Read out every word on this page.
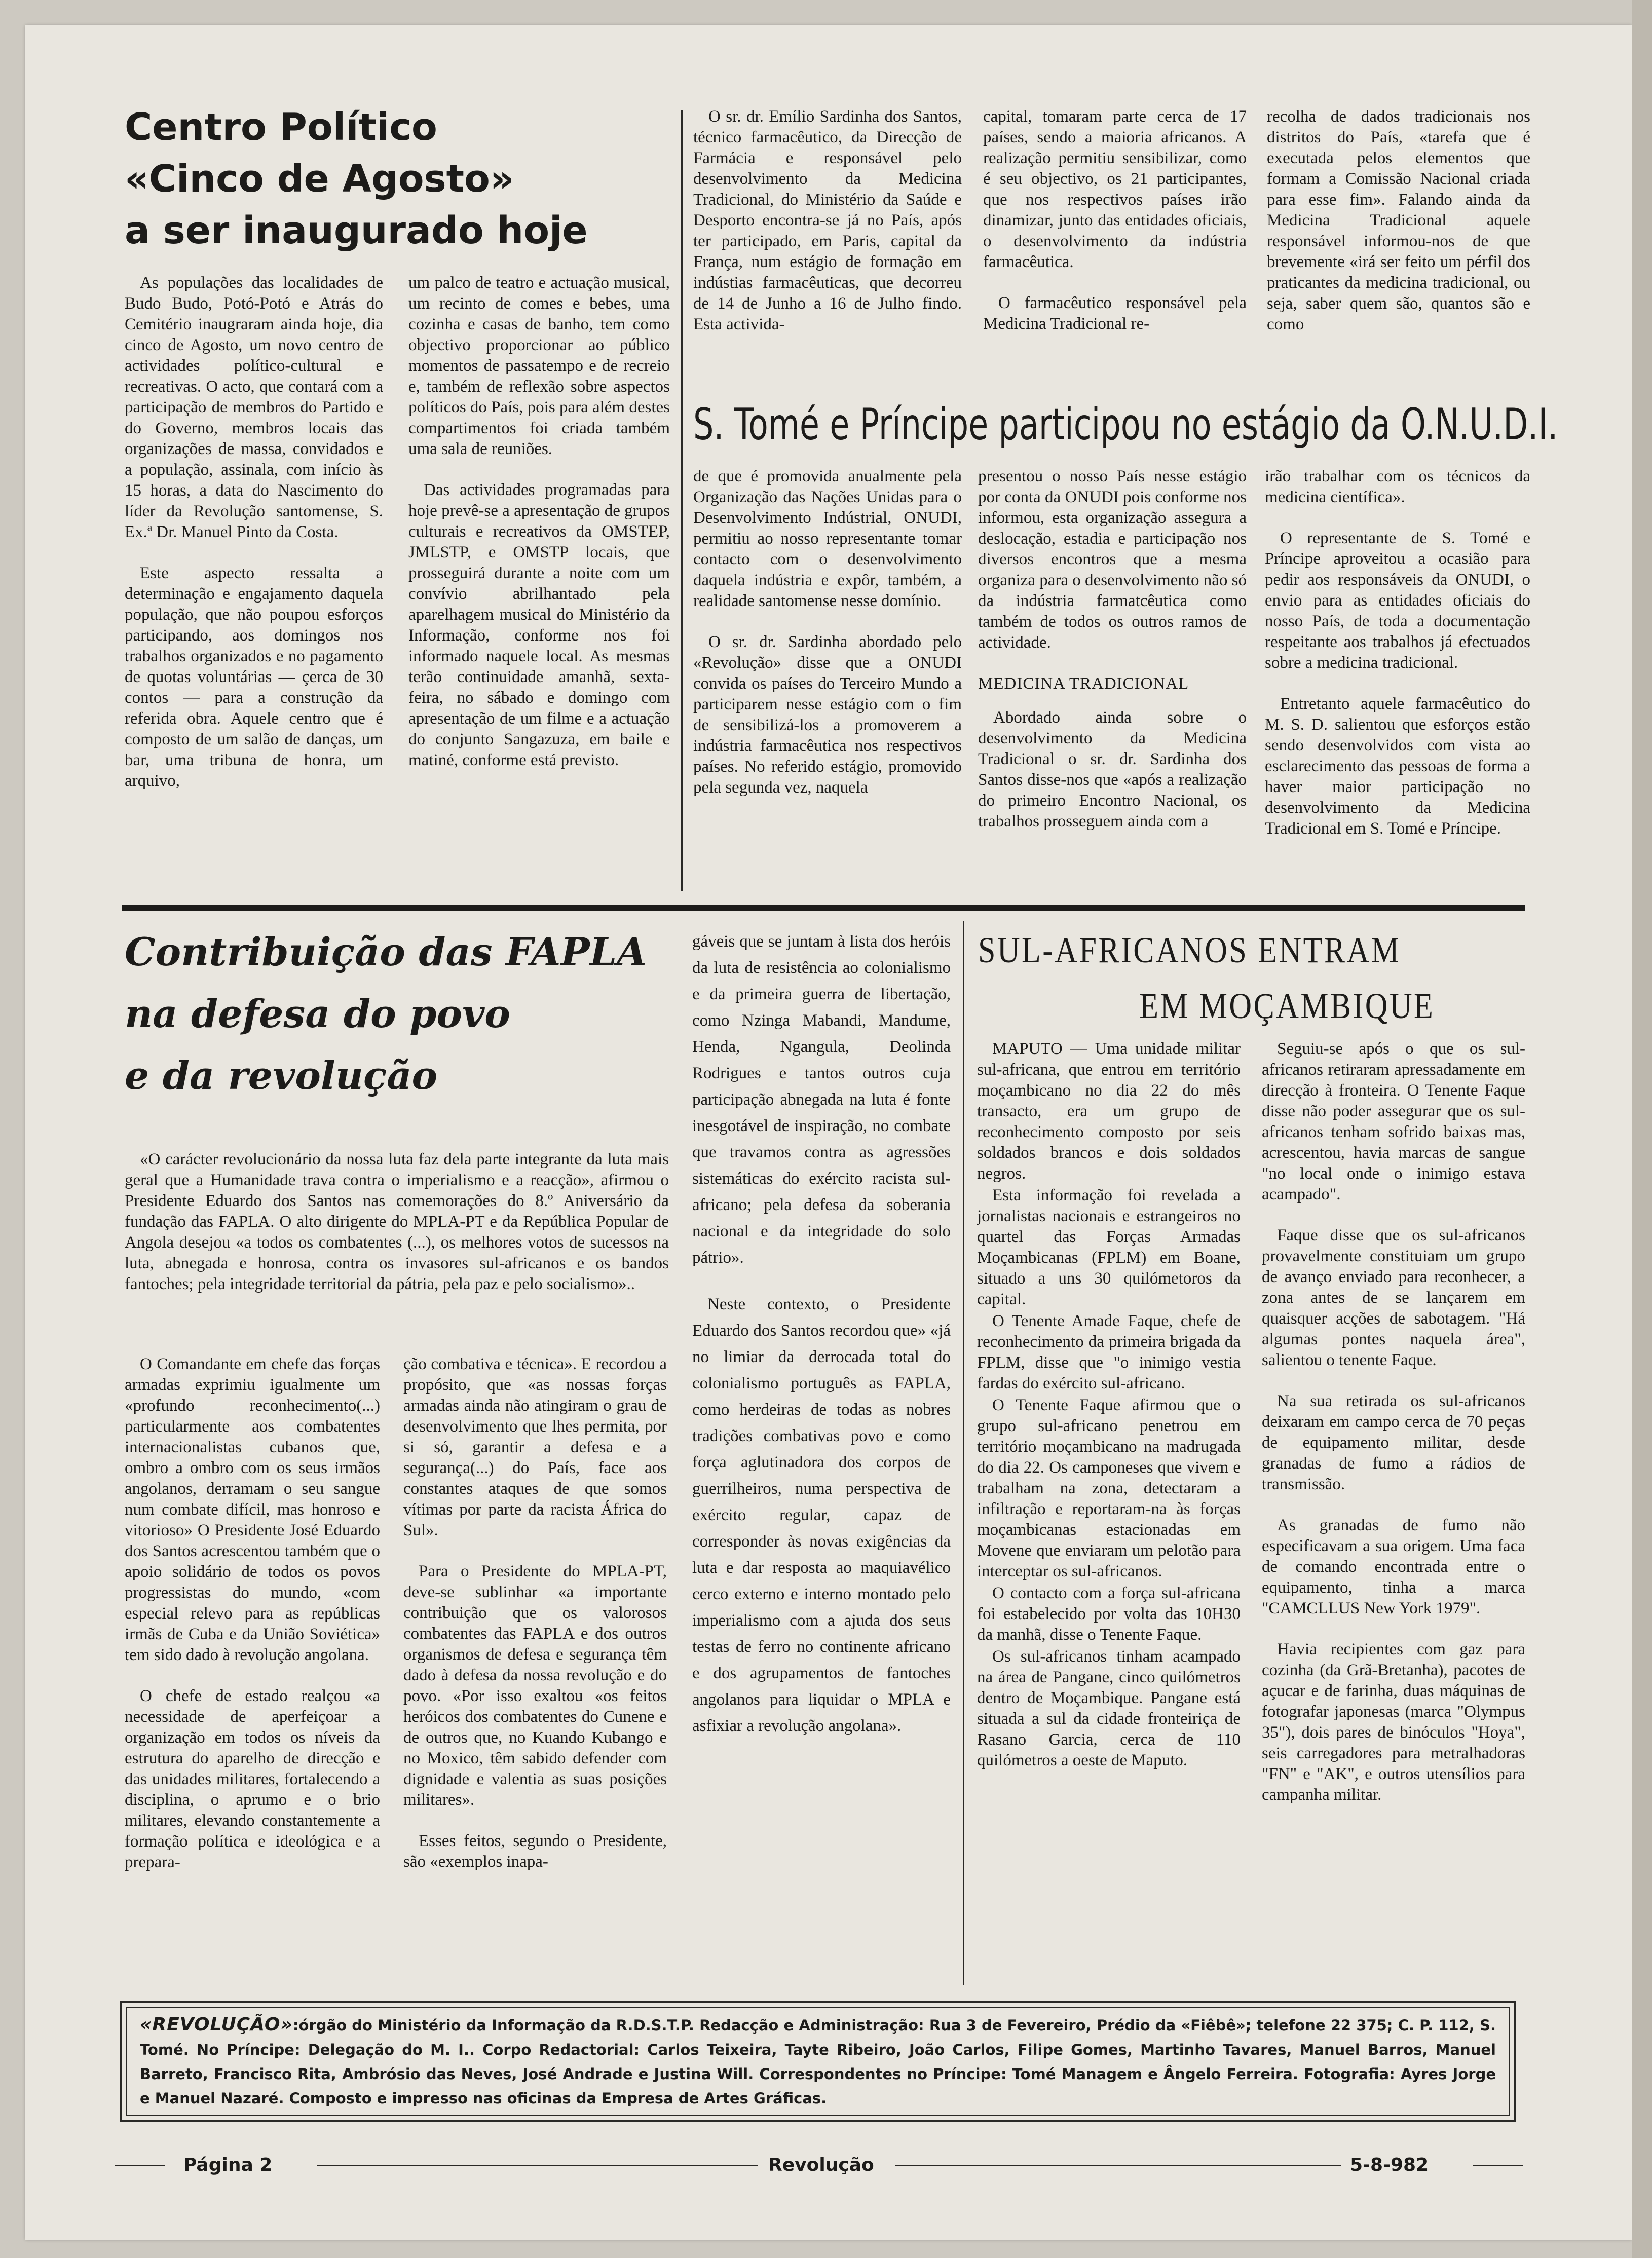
Centro Político
«Cinco de Agosto»
a ser inaugurado hoje

As populações das localidades de Budo Budo, Potó-Potó e Atrás do Cemitério inaugraram ainda hoje, dia cinco de Agosto, um novo centro de actividades político-cultural e recreativas. O acto, que contará com a participação de membros do Partido e do Governo, membros locais das organizações de massa, convidados e a população, assinala, com início às 15 horas, a data do Nascimento do líder da Revolução santomense, S. Ex.ª Dr. Manuel Pinto da Costa.

Este aspecto ressalta a determinação e engajamento daquela população, que não poupou esforços participando, aos domingos nos trabalhos organizados e no pagamento de quotas voluntárias — çerca de 30 contos — para a construção da referida obra. Aquele centro que é composto de um salão de danças, um bar, uma tribuna de honra, um arquivo,

um palco de teatro e actuação musical, um recinto de comes e bebes, uma cozinha e casas de banho, tem como objectivo proporcionar ao público momentos de passatempo e de recreio e, também de reflexão sobre aspectos políticos do País, pois para além destes compartimentos foi criada também uma sala de reuniões.

Das actividades programadas para hoje prevê-se a apresentação de grupos culturais e recreativos da OMSTEP, JMLSTP, e OMSTP locais, que prosseguirá durante a noite com um convívio abrilhantado pela aparelhagem musical do Ministério da Informação, conforme nos foi informado naquele local. As mesmas terão continuidade amanhã, sexta-feira, no sábado e domingo com apresentação de um filme e a actuação do conjunto Sangazuza, em baile e matiné, conforme está previsto.

O sr. dr. Emílio Sardinha dos Santos, técnico farmacêutico, da Direcção de Farmácia e responsável pelo desenvolvimento da Medicina Tradicional, do Ministério da Saúde e Desporto encontra-se já no País, após ter participado, em Paris, capital da França, num estágio de formação em indústias farmacêuticas, que decorreu de 14 de Junho a 16 de Julho findo. Esta activida-

capital, tomaram parte cerca de 17 países, sendo a maioria africanos. A realização permitiu sensibilizar, como é seu objectivo, os 21 participantes, que nos respectivos países irão dinamizar, junto das entidades oficiais, o desenvolvimento da indústria farmacêutica.

O farmacêutico responsável pela Medicina Tradicional re-

recolha de dados tradicionais nos distritos do País, «tarefa que é executada pelos elementos que formam a Comissão Nacional criada para esse fim». Falando ainda da Medicina Tradicional aquele responsável informou-nos de que brevemente «irá ser feito um pérfil dos praticantes da medicina tradicional, ou seja, saber quem são, quantos são e como

S. Tomé e Príncipe participou no estágio da O.N.U.D.I.

de que é promovida anualmente pela Organização das Nações Unidas para o Desenvolvimento Indústrial, ONUDI, permitiu ao nosso representante tomar contacto com o desenvolvimento daquela indústria e expôr, também, a realidade santomense nesse domínio.

O sr. dr. Sardinha abordado pelo «Revolução» disse que a ONUDI convida os países do Terceiro Mundo a participarem nesse estágio com o fim de sensibilizá-los a promoverem a indústria farmacêutica nos respectivos países. No referido estágio, promovido pela segunda vez, naquela

presentou o nosso País nesse estágio por conta da ONUDI pois conforme nos informou, esta organização assegura a deslocação, estadia e participação nos diversos encontros que a mesma organiza para o desenvolvimento não só da indústria farmatcêutica como também de todos os outros ramos de actividade.

MEDICINA TRADICIONAL

Abordado ainda sobre o desenvolvimento da Medicina Tradicional o sr. dr. Sardinha dos Santos disse-nos que «após a realização do primeiro Encontro Nacional, os trabalhos prosseguem ainda com a

irão trabalhar com os técnicos da medicina científica».

O representante de S. Tomé e Príncipe aproveitou a ocasião para pedir aos responsáveis da ONUDI, o envio para as entidades oficiais do nosso País, de toda a documentação respeitante aos trabalhos já efectuados sobre a medicina tradicional.

Entretanto aquele farmacêutico do M. S. D. salientou que esforços estão sendo desenvolvidos com vista ao esclarecimento das pessoas de forma a haver maior participação no desenvolvimento da Medicina Tradicional em S. Tomé e Príncipe.

Contribuição das FAPLA
na defesa do povo
e da revolução

«O carácter revolucionário da nossa luta faz dela parte integrante da luta mais geral que a Humanidade trava contra o imperialismo e a reacção», afirmou o Presidente Eduardo dos Santos nas comemorações do 8.º Aniversário da fundação das FAPLA. O alto dirigente do MPLA-PT e da República Popular de Angola desejou «a todos os combatentes (...), os melhores votos de sucessos na luta, abnegada e honrosa, contra os invasores sul-africanos e os bandos fantoches; pela integridade territorial da pátria, pela paz e pelo socialismo»..

O Comandante em chefe das forças armadas exprimiu igualmente um «profundo reconhecimento(...) particularmente aos combatentes internacionalistas cubanos que, ombro a ombro com os seus irmãos angolanos, derramam o seu sangue num combate difícil, mas honroso e vitorioso» O Presidente José Eduardo dos Santos acrescentou também que o apoio solidário de todos os povos progressistas do mundo, «com especial relevo para as repúblicas irmãs de Cuba e da União Soviética» tem sido dado à revolução angolana.

O chefe de estado realçou «a necessidade de aperfeiçoar a organização em todos os níveis da estrutura do aparelho de direcção e das unidades militares, fortalecendo a disciplina, o aprumo e o brio militares, elevando constantemente a formação política e ideológica e a prepara-

ção combativa e técnica». E recordou a propósito, que «as nossas forças armadas ainda não atingiram o grau de desenvolvimento que lhes permita, por si só, garantir a defesa e a segurança(...) do País, face aos constantes ataques de que somos vítimas por parte da racista África do Sul».

Para o Presidente do MPLA-PT, deve-se sublinhar «a importante contribuição que os valorosos combatentes das FAPLA e dos outros organismos de defesa e segurança têm dado à defesa da nossa revolução e do povo. «Por isso exaltou «os feitos heróicos dos combatentes do Cunene e de outros que, no Kuando Kubango e no Moxico, têm sabido defender com dignidade e valentia as suas posições militares».

Esses feitos, segundo o Presidente, são «exemplos inapa-

gáveis que se juntam à lista dos heróis da luta de resistência ao colonialismo e da primeira guerra de libertação, como Nzinga Mabandi, Mandume, Henda, Ngangula, Deolinda Rodrigues e tantos outros cuja participação abnegada na luta é fonte inesgotável de inspiração, no combate que travamos contra as agressões sistemáticas do exército racista sul-africano; pela defesa da soberania nacional e da integridade do solo pátrio».

Neste contexto, o Presidente Eduardo dos Santos recordou que» «já no limiar da derrocada total do colonialismo português as FAPLA, como herdeiras de todas as nobres tradições combativas povo e como força aglutinadora dos corpos de guerrilheiros, numa perspectiva de exército regular, capaz de corresponder às novas exigências da luta e dar resposta ao maquiavélico cerco externo e interno montado pelo imperialismo com a ajuda dos seus testas de ferro no continente africano e dos agrupamentos de fantoches angolanos para liquidar o MPLA e asfixiar a revolução angolana».

SUL-AFRICANOS ENTRAM
EM MOÇAMBIQUE

MAPUTO — Uma unidade militar sul-africana, que entrou em território moçambicano no dia 22 do mês transacto, era um grupo de reconhecimento composto por seis soldados brancos e dois soldados negros.

Esta informação foi revelada a jornalistas nacionais e estrangeiros no quartel das Forças Armadas Moçambicanas (FPLM) em Boane, situado a uns 30 quilómetoros da capital.

O Tenente Amade Faque, chefe de reconhecimento da primeira brigada da FPLM, disse que "o inimigo vestia fardas do exército sul-africano.

O Tenente Faque afirmou que o grupo sul-africano penetrou em território moçambicano na madrugada do dia 22. Os camponeses que vivem e trabalham na zona, detectaram a infiltração e reportaram-na às forças moçambicanas estacionadas em Movene que enviaram um pelotão para interceptar os sul-africanos.

O contacto com a força sul-africana foi estabelecido por volta das 10H30 da manhã, disse o Tenente Faque.

Os sul-africanos tinham acampado na área de Pangane, cinco quilómetros dentro de Moçambique. Pangane está situada a sul da cidade fronteiriça de Rasano Garcia, cerca de 110 quilómetros a oeste de Maputo.

Seguiu-se após o que os sul-africanos retiraram apressadamente em direcção à fronteira. O Tenente Faque disse não poder assegurar que os sul-africanos tenham sofrido baixas mas, acrescentou, havia marcas de sangue "no local onde o inimigo estava acampado".

Faque disse que os sul-africanos provavelmente constituiam um grupo de avanço enviado para reconhecer, a zona antes de se lançarem em quaisquer acções de sabotagem. "Há algumas pontes naquela área", salientou o tenente Faque.

Na sua retirada os sul-africanos deixaram em campo cerca de 70 peças de equipamento militar, desde granadas de fumo a rádios de transmissão.

As granadas de fumo não especificavam a sua origem. Uma faca de comando encontrada entre o equipamento, tinha a marca "CAMCLLUS New York 1979".

Havia recipientes com gaz para cozinha (da Grã-Bretanha), pacotes de açucar e de farinha, duas máquinas de fotografar japonesas (marca "Olympus 35"), dois pares de binóculos "Hoya", seis carregadores para metralhadoras "FN" e "AK", e outros utensílios para campanha militar.

«REVOLUÇÃO»:órgão do Ministério da Informação da R.D.S.T.P. Redacção e Administração: Rua 3 de Fevereiro, Prédio da «Fiêbê»; telefone 22 375; C. P. 112, S. Tomé. No Príncipe: Delegação do M. I.. Corpo Redactorial: Carlos Teixeira, Tayte Ribeiro, João Carlos, Filipe Gomes, Martinho Tavares, Manuel Barros, Manuel Barreto, Francisco Rita, Ambrósio das Neves, José Andrade e Justina Will. Correspondentes no Príncipe: Tomé Managem e Ângelo Ferreira. Fotografia: Ayres Jorge e Manuel Nazaré. Composto e impresso nas oficinas da Empresa de Artes Gráficas.
Página 2	Revolução	5-8-982
